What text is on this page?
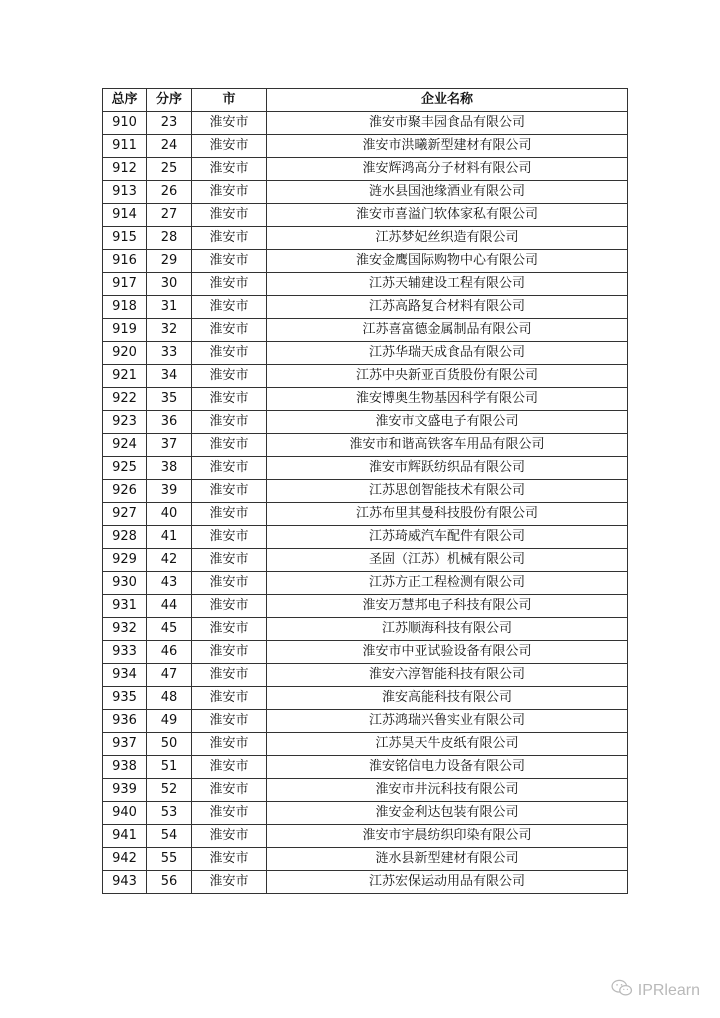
总序	分序	市	企业名称
910	23	淮安市	淮安市聚丰园食品有限公司
911	24	淮安市	淮安市洪曦新型建材有限公司
912	25	淮安市	淮安辉鸿高分子材料有限公司
913	26	淮安市	涟水县国池缘酒业有限公司
914	27	淮安市	淮安市喜溢门软体家私有限公司
915	28	淮安市	江苏梦妃丝织造有限公司
916	29	淮安市	淮安金鹰国际购物中心有限公司
917	30	淮安市	江苏天辅建设工程有限公司
918	31	淮安市	江苏高路复合材料有限公司
919	32	淮安市	江苏喜富德金属制品有限公司
920	33	淮安市	江苏华瑞天成食品有限公司
921	34	淮安市	江苏中央新亚百货股份有限公司
922	35	淮安市	淮安博奥生物基因科学有限公司
923	36	淮安市	淮安市文盛电子有限公司
924	37	淮安市	淮安市和谐高铁客车用品有限公司
925	38	淮安市	淮安市辉跃纺织品有限公司
926	39	淮安市	江苏思创智能技术有限公司
927	40	淮安市	江苏布里其曼科技股份有限公司
928	41	淮安市	江苏琦威汽车配件有限公司
929	42	淮安市	圣固（江苏）机械有限公司
930	43	淮安市	江苏方正工程检测有限公司
931	44	淮安市	淮安万慧邦电子科技有限公司
932	45	淮安市	江苏顺海科技有限公司
933	46	淮安市	淮安市中亚试验设备有限公司
934	47	淮安市	淮安六淳智能科技有限公司
935	48	淮安市	淮安高能科技有限公司
936	49	淮安市	江苏鸿瑞兴鲁实业有限公司
937	50	淮安市	江苏昊天牛皮纸有限公司
938	51	淮安市	淮安铭信电力设备有限公司
939	52	淮安市	淮安市井沅科技有限公司
940	53	淮安市	淮安金利达包装有限公司
941	54	淮安市	淮安市宇晨纺织印染有限公司
942	55	淮安市	涟水县新型建材有限公司
943	56	淮安市	江苏宏保运动用品有限公司
IPRlearn
